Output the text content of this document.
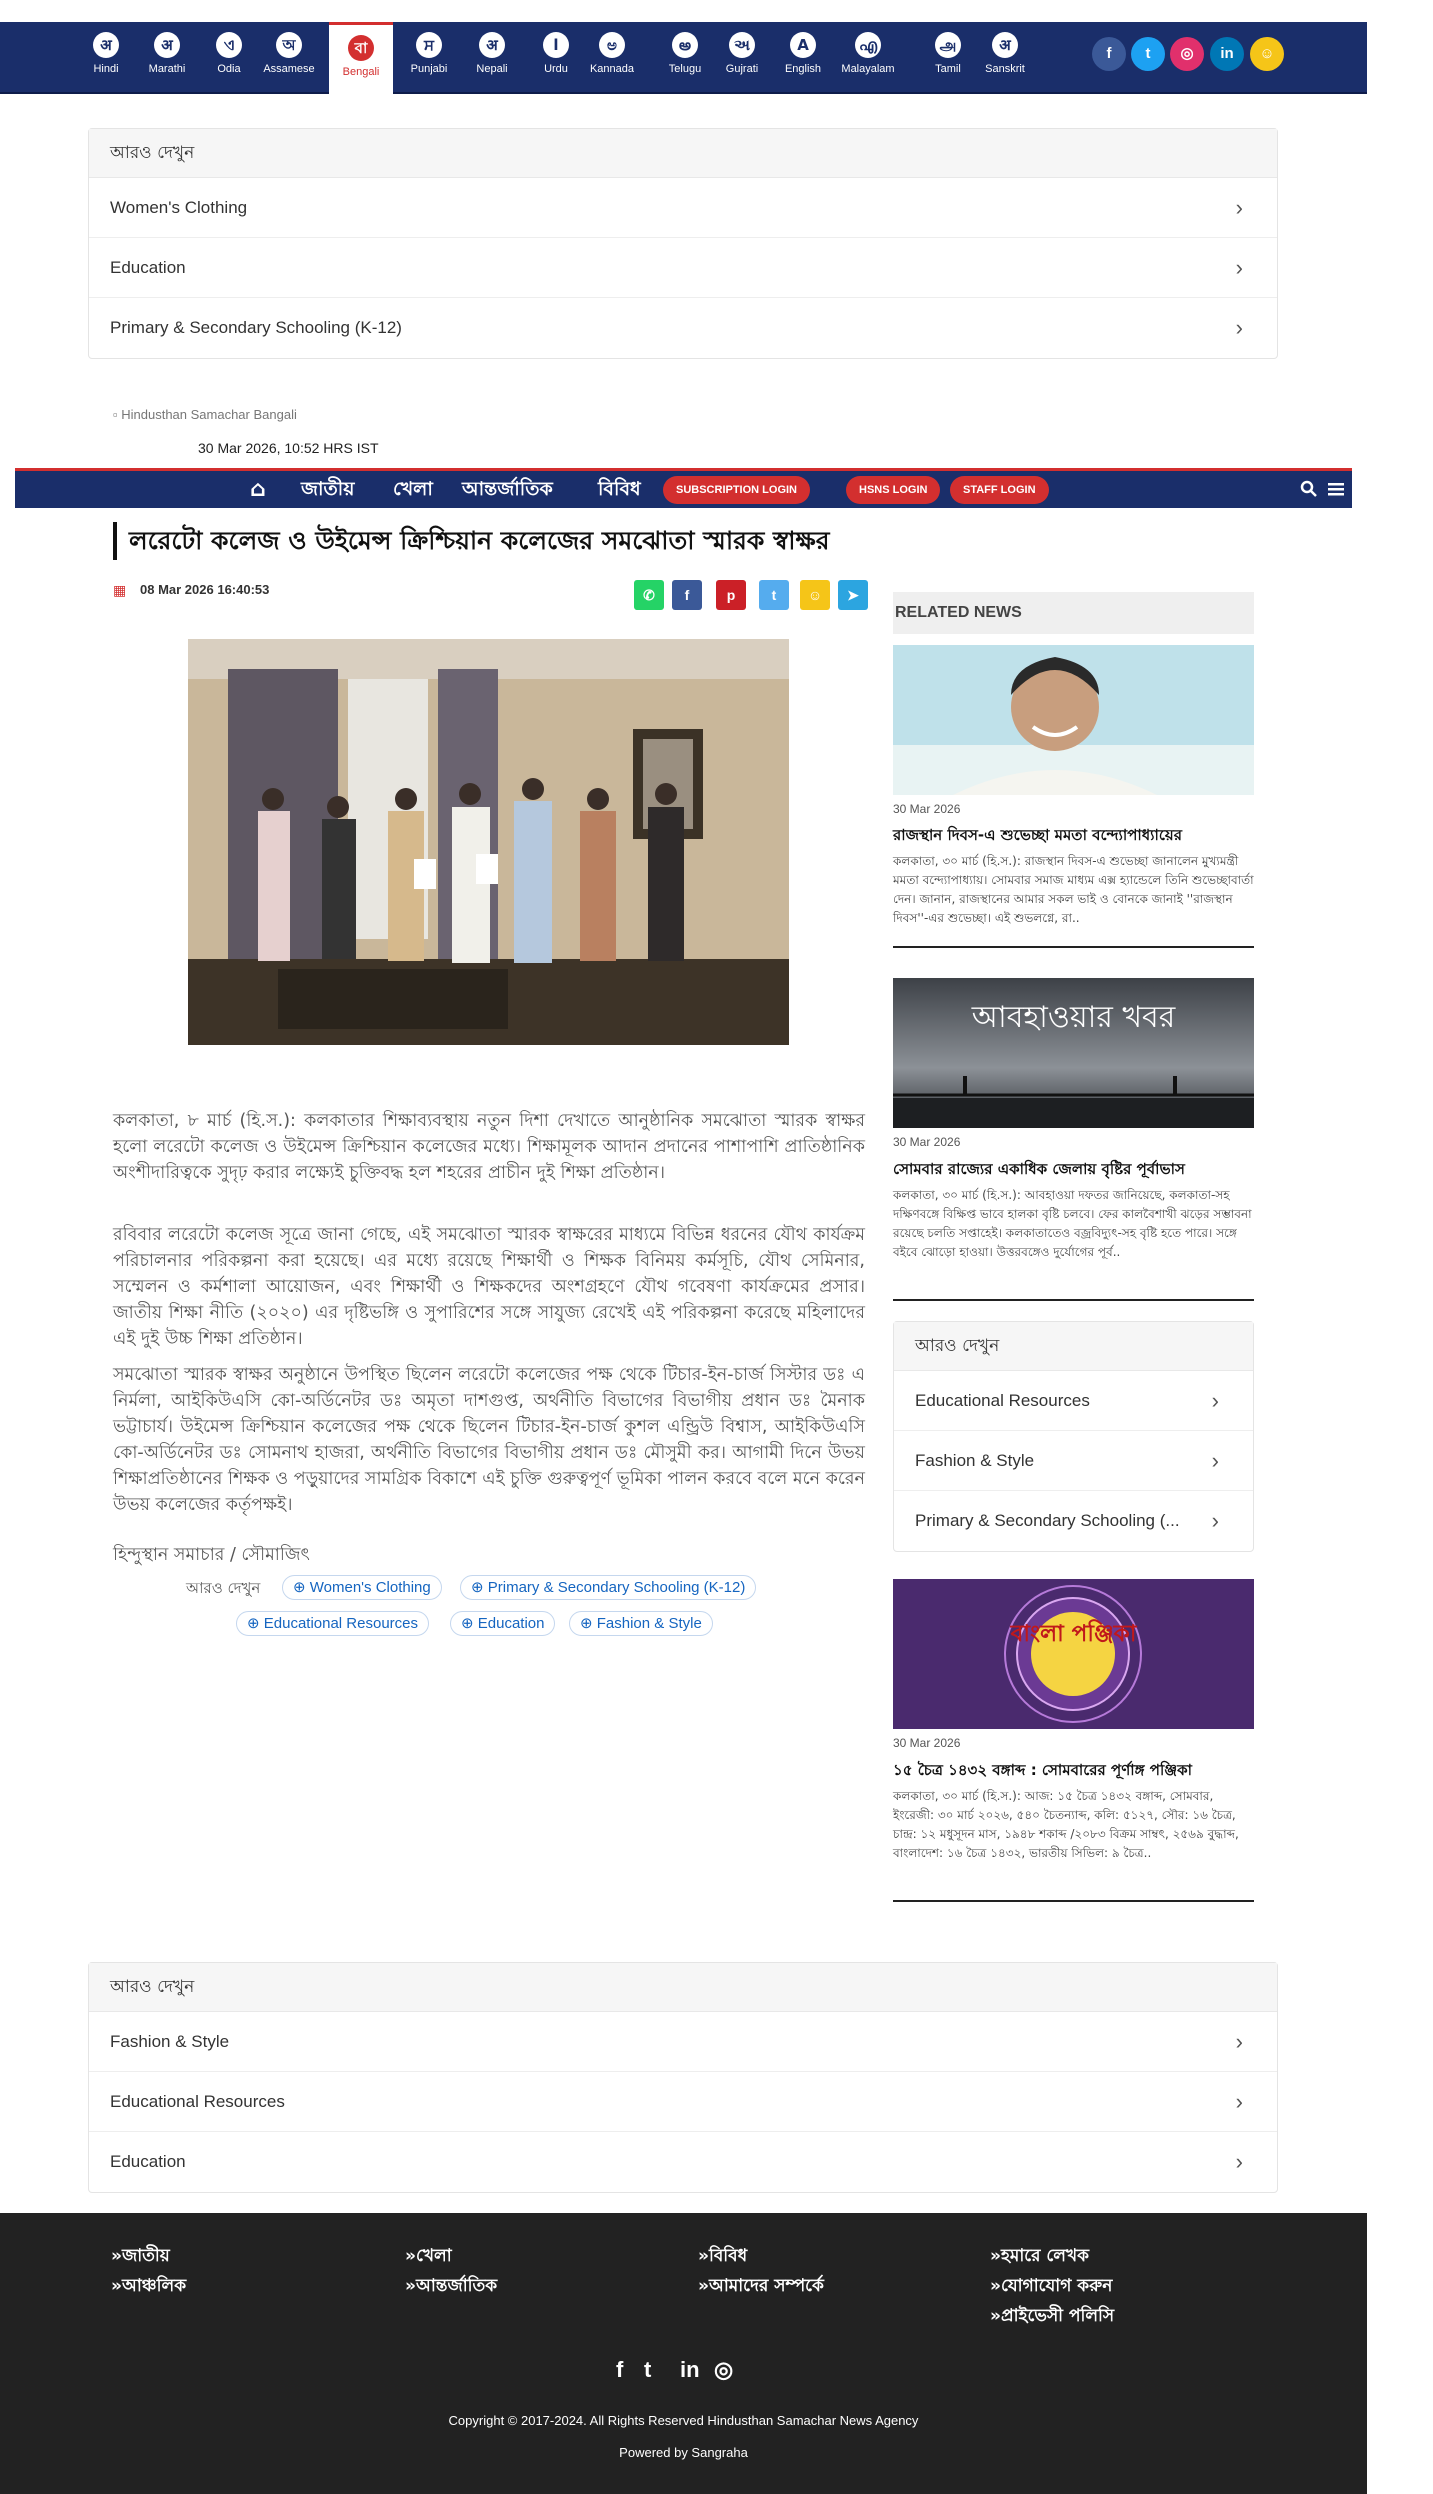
अ
Hindi
अ
Marathi
ଏ
Odia
অ
Assamese
বা
Bengali
ਸ
Punjabi
अ
Nepali
ا
Urdu
ಅ
Kannada
అ
Telugu
અ
Gujrati
A
English
എ
Malayalam
அ
Tamil
अ
Sanskrit
f	t	◎	in	☺
আরও দেখুন
Women's Clothing	›
Education	›
Primary & Secondary Schooling (K-12)	›
▫ Hindusthan Samachar Bangali
30 Mar 2026, 10:52 HRS IST
⌂ জাতীয় খেলা আন্তর্জাতিক বিবিধ	SUBSCRIPTION LOGIN	HSNS LOGIN	STAFF LOGIN
লরেটো কলেজ ও উইমেন্স ক্রিশ্চিয়ান কলেজের সমঝোতা স্মারক স্বাক্ষর
▦ 08 Mar 2026 16:40:53	✆	f	p	t	☺	➤

কলকাতা, ৮ মার্চ (হি.স.): কলকাতার শিক্ষাব্যবস্থায় নতুন দিশা দেখাতে আনুষ্ঠানিক সমঝোতা স্মারক স্বাক্ষর হলো লরেটো কলেজ ও উইমেন্স ক্রিশ্চিয়ান কলেজের মধ্যে। শিক্ষামূলক আদান প্রদানের পাশাপাশি প্রাতিষ্ঠানিক অংশীদারিত্বকে সুদৃঢ় করার লক্ষ্যেই চুক্তিবদ্ধ হল শহরের প্রাচীন দুই শিক্ষা প্রতিষ্ঠান।

রবিবার লরেটো কলেজ সূত্রে জানা গেছে, এই সমঝোতা স্মারক স্বাক্ষরের মাধ্যমে বিভিন্ন ধরনের যৌথ কার্যক্রম পরিচালনার পরিকল্পনা করা হয়েছে। এর মধ্যে রয়েছে শিক্ষার্থী ও শিক্ষক বিনিময় কর্মসূচি, যৌথ সেমিনার, সম্মেলন ও কর্মশালা আয়োজন, এবং শিক্ষার্থী ও শিক্ষকদের অংশগ্রহণে যৌথ গবেষণা কার্যক্রমের প্রসার। জাতীয় শিক্ষা নীতি (২০২০) এর দৃষ্টিভঙ্গি ও সুপারিশের সঙ্গে সাযুজ্য রেখেই এই পরিকল্পনা করেছে মহিলাদের এই দুই উচ্চ শিক্ষা প্রতিষ্ঠান।

সমঝোতা স্মারক স্বাক্ষর অনুষ্ঠানে উপস্থিত ছিলেন লরেটো কলেজের পক্ষ থেকে টিচার-ইন-চার্জ সিস্টার ডঃ এ নির্মলা, আইকিউএসি কো-অর্ডিনেটর ডঃ অমৃতা দাশগুপ্ত, অর্থনীতি বিভাগের বিভাগীয় প্রধান ডঃ মৈনাক ভট্টাচার্য। উইমেন্স ক্রিশ্চিয়ান কলেজের পক্ষ থেকে ছিলেন টিচার-ইন-চার্জ কুশল এন্ড্রিউ বিশ্বাস, আইকিউএসি কো-অর্ডিনেটর ডঃ সোমনাথ হাজরা, অর্থনীতি বিভাগের বিভাগীয় প্রধান ডঃ মৌসুমী কর। আগামী দিনে উভয় শিক্ষাপ্রতিষ্ঠানের শিক্ষক ও পড়ুয়াদের সামগ্রিক বিকাশে এই চুক্তি গুরুত্বপূর্ণ ভূমিকা পালন করবে বলে মনে করেন উভয় কলেজের কর্তৃপক্ষই।

হিন্দুস্থান সমাচার / সৌমাজিৎ

আরও দেখুন	⊕ Women's Clothing	⊕ Primary & Secondary Schooling (K-12)
⊕ Educational Resources	⊕ Education	⊕ Fashion & Style
RELATED NEWS
30 Mar 2026
রাজস্থান দিবস-এ শুভেচ্ছা মমতা বন্দ্যোপাধ্যায়ের
কলকাতা, ৩০ মার্চ (হি.স.): রাজস্থান দিবস-এ শুভেচ্ছা জানালেন মুখ্যমন্ত্রী মমতা বন্দ্যোপাধ্যায়। সোমবার সমাজ মাধ্যম এক্স হ্যান্ডেলে তিনি শুভেচ্ছাবার্তা দেন। জানান, রাজস্থানের আমার সকল ভাই ও বোনকে জানাই ''রাজস্থান দিবস''-এর শুভেচ্ছা। এই শুভলগ্নে, রা..
আবহাওয়ার খবর
30 Mar 2026
সোমবার রাজ্যের একাধিক জেলায় বৃষ্টির পূর্বাভাস
কলকাতা, ৩০ মার্চ (হি.স.): আবহাওয়া দফতর জানিয়েছে, কলকাতা-সহ দক্ষিণবঙ্গে বিক্ষিপ্ত ভাবে হালকা বৃষ্টি চলবে। ফের কালবৈশাখী ঝড়ের সম্ভাবনা রয়েছে চলতি সপ্তাহেই। কলকাতাতেও বজ্রবিদ্যুৎ-সহ বৃষ্টি হতে পারে। সঙ্গে বইবে ঝোড়ো হাওয়া। উত্তরবঙ্গেও দুর্যোগের পূর্ব..
আরও দেখুন
Educational Resources	›
Fashion & Style	›
Primary & Secondary Schooling (... ›
বাংলা পঞ্জিকা
30 Mar 2026
১৫ চৈত্র ১৪৩২ বঙ্গাব্দ : সোমবারের পূর্ণাঙ্গ পঞ্জিকা
কলকাতা, ৩০ মার্চ (হি.স.): আজ: ১৫ চৈত্র ১৪৩২ বঙ্গাব্দ, সোমবার, ইংরেজী: ৩০ মার্চ ২০২৬, ৫৪০ চৈতন্যাব্দ, কলি: ৫১২৭, সৌর: ১৬ চৈত্র, চান্দ্র: ১২ মধুসূদন মাস, ১৯৪৮ শকাব্দ /২০৮৩ বিক্রম সাম্বৎ, ২৫৬৯ বুদ্ধাব্দ, বাংলাদেশ: ১৬ চৈত্র ১৪৩২, ভারতীয় সিভিল: ৯ চৈত্র..
আরও দেখুন
Fashion & Style	›
Educational Resources	›
Education	›
»জাতীয়
»আঞ্চলিক
»খেলা
»আন্তর্জাতিক
»বিবিধ
»আমাদের সম্পর্কে
»হমারে লেখক
»যোগাযোগ করুন
»প্রাইভেসী পলিসি
f t in ◎
Copyright © 2017-2024. All Rights Reserved Hindusthan Samachar News Agency
Powered by Sangraha
